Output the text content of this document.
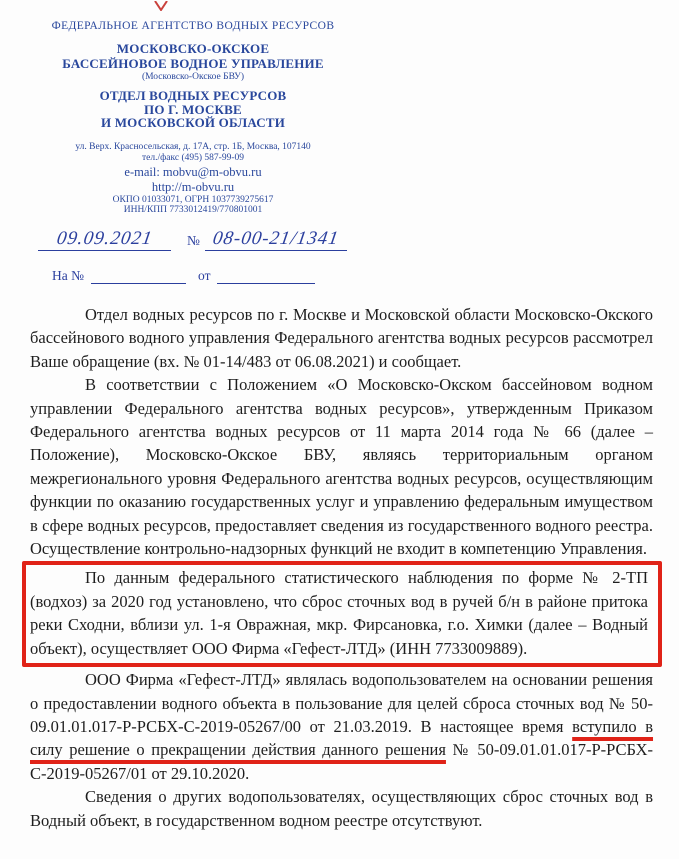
ФЕДЕРАЛЬНОЕ АГЕНТСТВО ВОДНЫХ РЕСУРСОВ
МОСКОВСКО-ОКСКОЕ
БАССЕЙНОВОЕ ВОДНОЕ УПРАВЛЕНИЕ
(Московско-Окское БВУ)
ОТДЕЛ ВОДНЫХ РЕСУРСОВ
ПО Г. МОСКВЕ
И МОСКОВСКОЙ ОБЛАСТИ
ул. Верх. Красносельская, д. 17А, стр. 1Б, Москва, 107140
тел./факс (495) 587-99-09
e-mail: mobvu@m-obvu.ru
http://m-obvu.ru
ОКПО 01033071, ОГРН 1037739275617
ИНН/КПП 7733012419/770801001
09.09.2021	№ 08-00-21/1341
На №	от

Отдел водных ресурсов по г. Москве и Московской области Московско-Окского бассейнового водного управления Федерального агентства водных ресурсов рассмотрел Ваше обращение (вх. № 01-14/483 от 06.08.2021) и сообщает.

В соответствии с Положением «О Московско-Окском бассейновом водном управлении Федерального агентства водных ресурсов», утвержденным Приказом Федерального агентства водных ресурсов от 11 марта 2014 года № 66 (далее – Положение), Московско-Окское БВУ, являясь территориальным органом межрегионального уровня Федерального агентства водных ресурсов, осуществляющим функции по оказанию государственных услуг и управлению федеральным имуществом в сфере водных ресурсов, предоставляет сведения из государственного водного реестра. Осуществление контрольно-надзорных функций не входит в компетенцию Управления.

По данным федерального статистического наблюдения по форме № 2-ТП (водхоз) за 2020 год установлено, что сброс сточных вод в ручей б/н в районе притока реки Сходни, вблизи ул. 1-я Овражная, мкр. Фирсановка, г.о. Химки (далее – Водный объект), осуществляет ООО Фирма «Гефест-ЛТД» (ИНН 7733009889).

ООО Фирма «Гефест-ЛТД» являлась водопользователем на основании решения о предоставлении водного объекта в пользование для целей сброса сточных вод № 50-09.01.01.017-Р-РСБХ-С-2019-05267/00 от 21.03.2019. В настоящее время вступило в силу решение о прекращении действия данного решения № 50-09.01.01.017-Р-РСБХ-С-2019-05267/01 от 29.10.2020.

Сведения о других водопользователях, осуществляющих сброс сточных вод в Водный объект, в государственном водном реестре отсутствуют.
